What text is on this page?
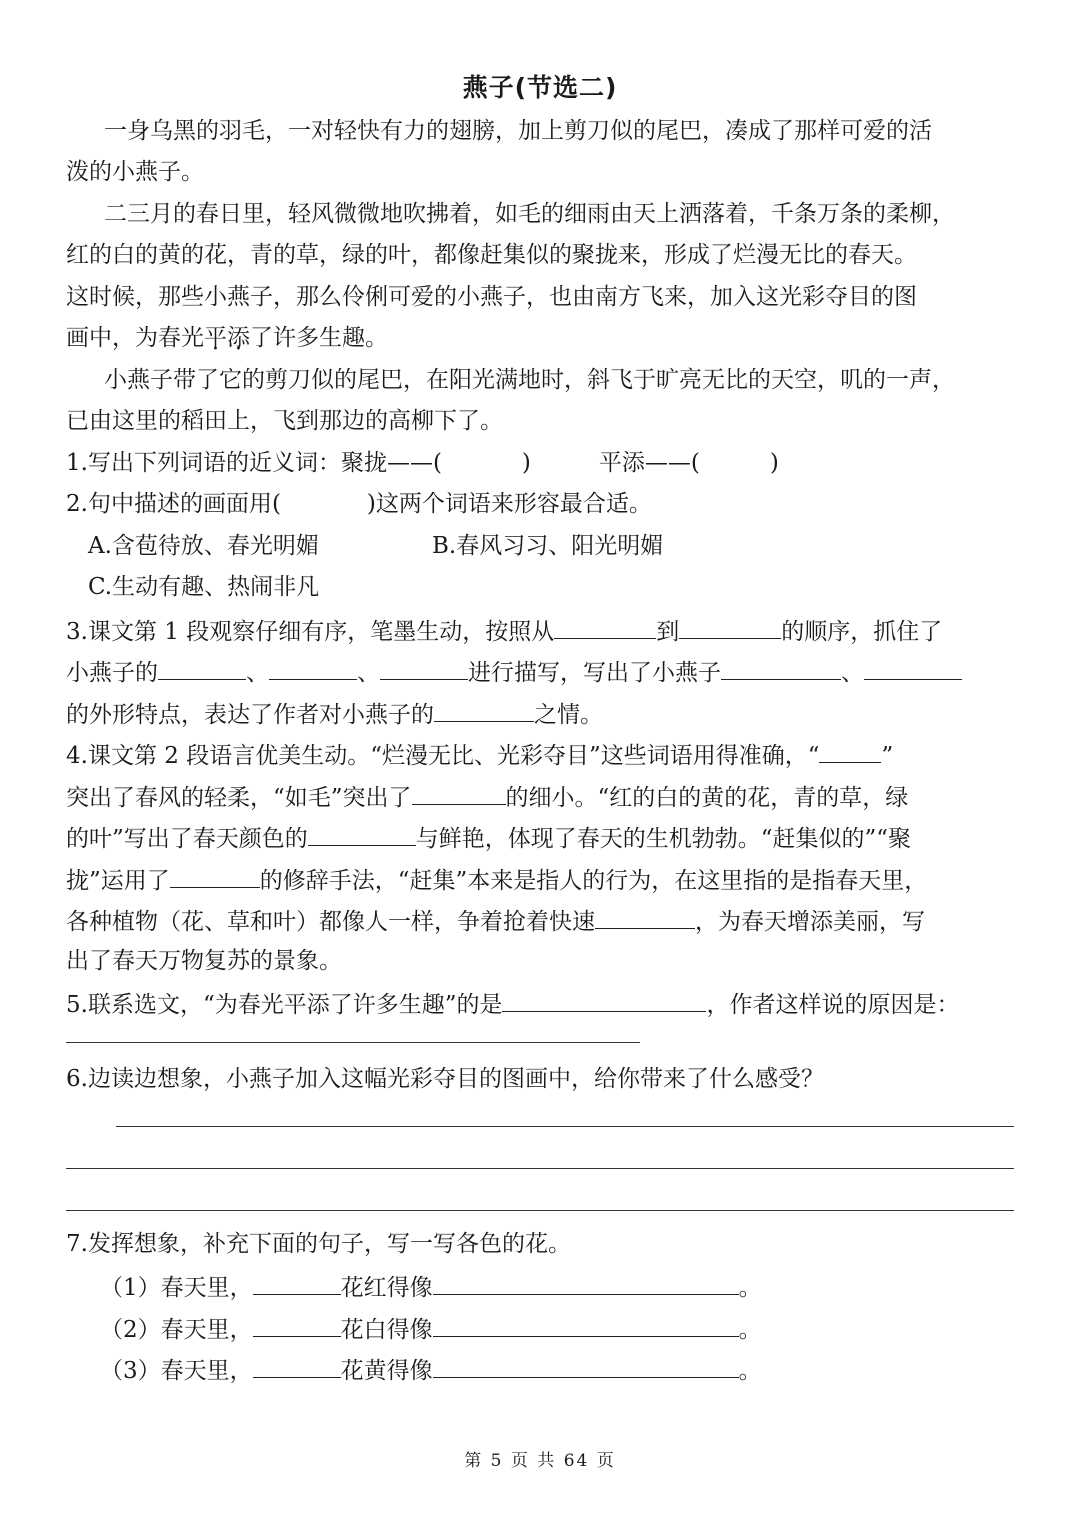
燕子(节选二)
一身乌黑的羽毛，一对轻快有力的翅膀，加上剪刀似的尾巴，凑成了那样可爱的活
泼的小燕子。
二三月的春日里，轻风微微地吹拂着，如毛的细雨由天上洒落着，千条万条的柔柳，
红的白的黄的花，青的草，绿的叶，都像赶集似的聚拢来，形成了烂漫无比的春天。
这时候，那些小燕子，那么伶俐可爱的小燕子，也由南方飞来，加入这光彩夺目的图
画中，为春光平添了许多生趣。
小燕子带了它的剪刀似的尾巴，在阳光满地时，斜飞于旷亮无比的天空，叽的一声，
已由这里的稻田上，飞到那边的高柳下了。
1.写出下列词语的近义词：聚拢——(	)	平添——(	)
2.句中描述的画面用(	)这两个词语来形容最合适。
A.含苞待放、春光明媚	B.春风习习、阳光明媚
C.生动有趣、热闹非凡
3.课文第 1 段观察仔细有序，笔墨生动，按照从	到	的顺序，抓住了
小燕子的	、	、	进行描写，写出了小燕子	、
的外形特点，表达了作者对小燕子的	之情。
4.课文第 2 段语言优美生动。“烂漫无比、光彩夺目”这些词语用得准确，“	”
突出了春风的轻柔，“如毛”突出了	的细小。“红的白的黄的花，青的草，绿
的叶”写出了春天颜色的	与鲜艳，体现了春天的生机勃勃。“赶集似的”“聚
拢”运用了	的修辞手法，“赶集”本来是指人的行为，在这里指的是指春天里，
各种植物（花、草和叶）都像人一样，争着抢着快速	，为春天增添美丽，写
出了春天万物复苏的景象。
5.联系选文，“为春光平添了许多生趣”的是	，作者这样说的原因是：
6.边读边想象，小燕子加入这幅光彩夺目的图画中，给你带来了什么感受？
7.发挥想象，补充下面的句子，写一写各色的花。
（1）春天里，	花红得像	。
（2）春天里，	花白得像	。
（3）春天里，	花黄得像	。
第 5 页 共 64 页
